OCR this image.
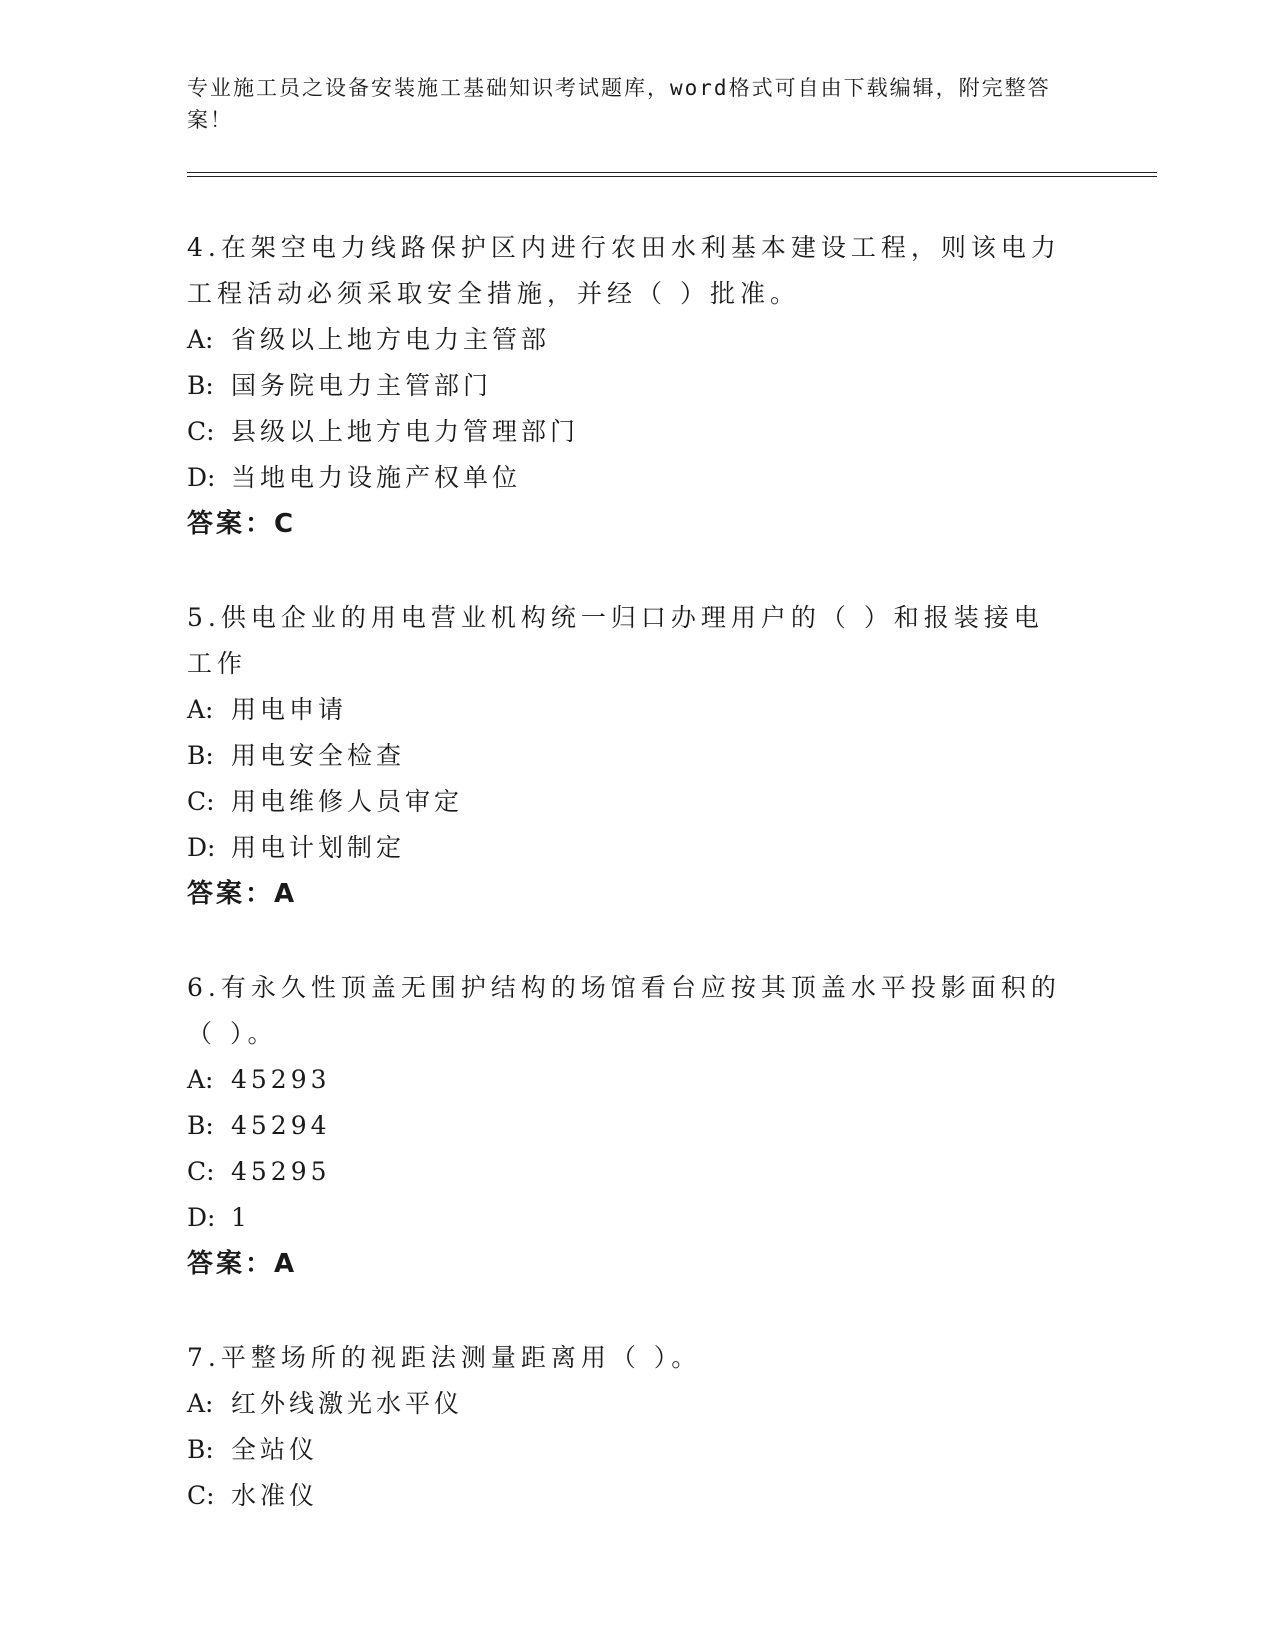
专业施工员之设备安装施工基础知识考试题库，word格式可自由下载编辑，附完整答案！

4.在架空电力线路保护区内进行农田水利基本建设工程，则该电力工程活动必须采取安全措施，并经（ ）批准。

A: 省级以上地方电力主管部

B: 国务院电力主管部门

C: 县级以上地方电力管理部门

D: 当地电力设施产权单位

答案：C

5.供电企业的用电营业机构统一归口办理用户的（ ）和报装接电工作

A: 用电申请

B: 用电安全检查

C: 用电维修人员审定

D: 用电计划制定

答案：A

6.有永久性顶盖无围护结构的场馆看台应按其顶盖水平投影面积的（ ）。

A: 45293

B: 45294

C: 45295

D: 1

答案：A

7.平整场所的视距法测量距离用（ ）。

A: 红外线激光水平仪

B: 全站仪

C: 水准仪
